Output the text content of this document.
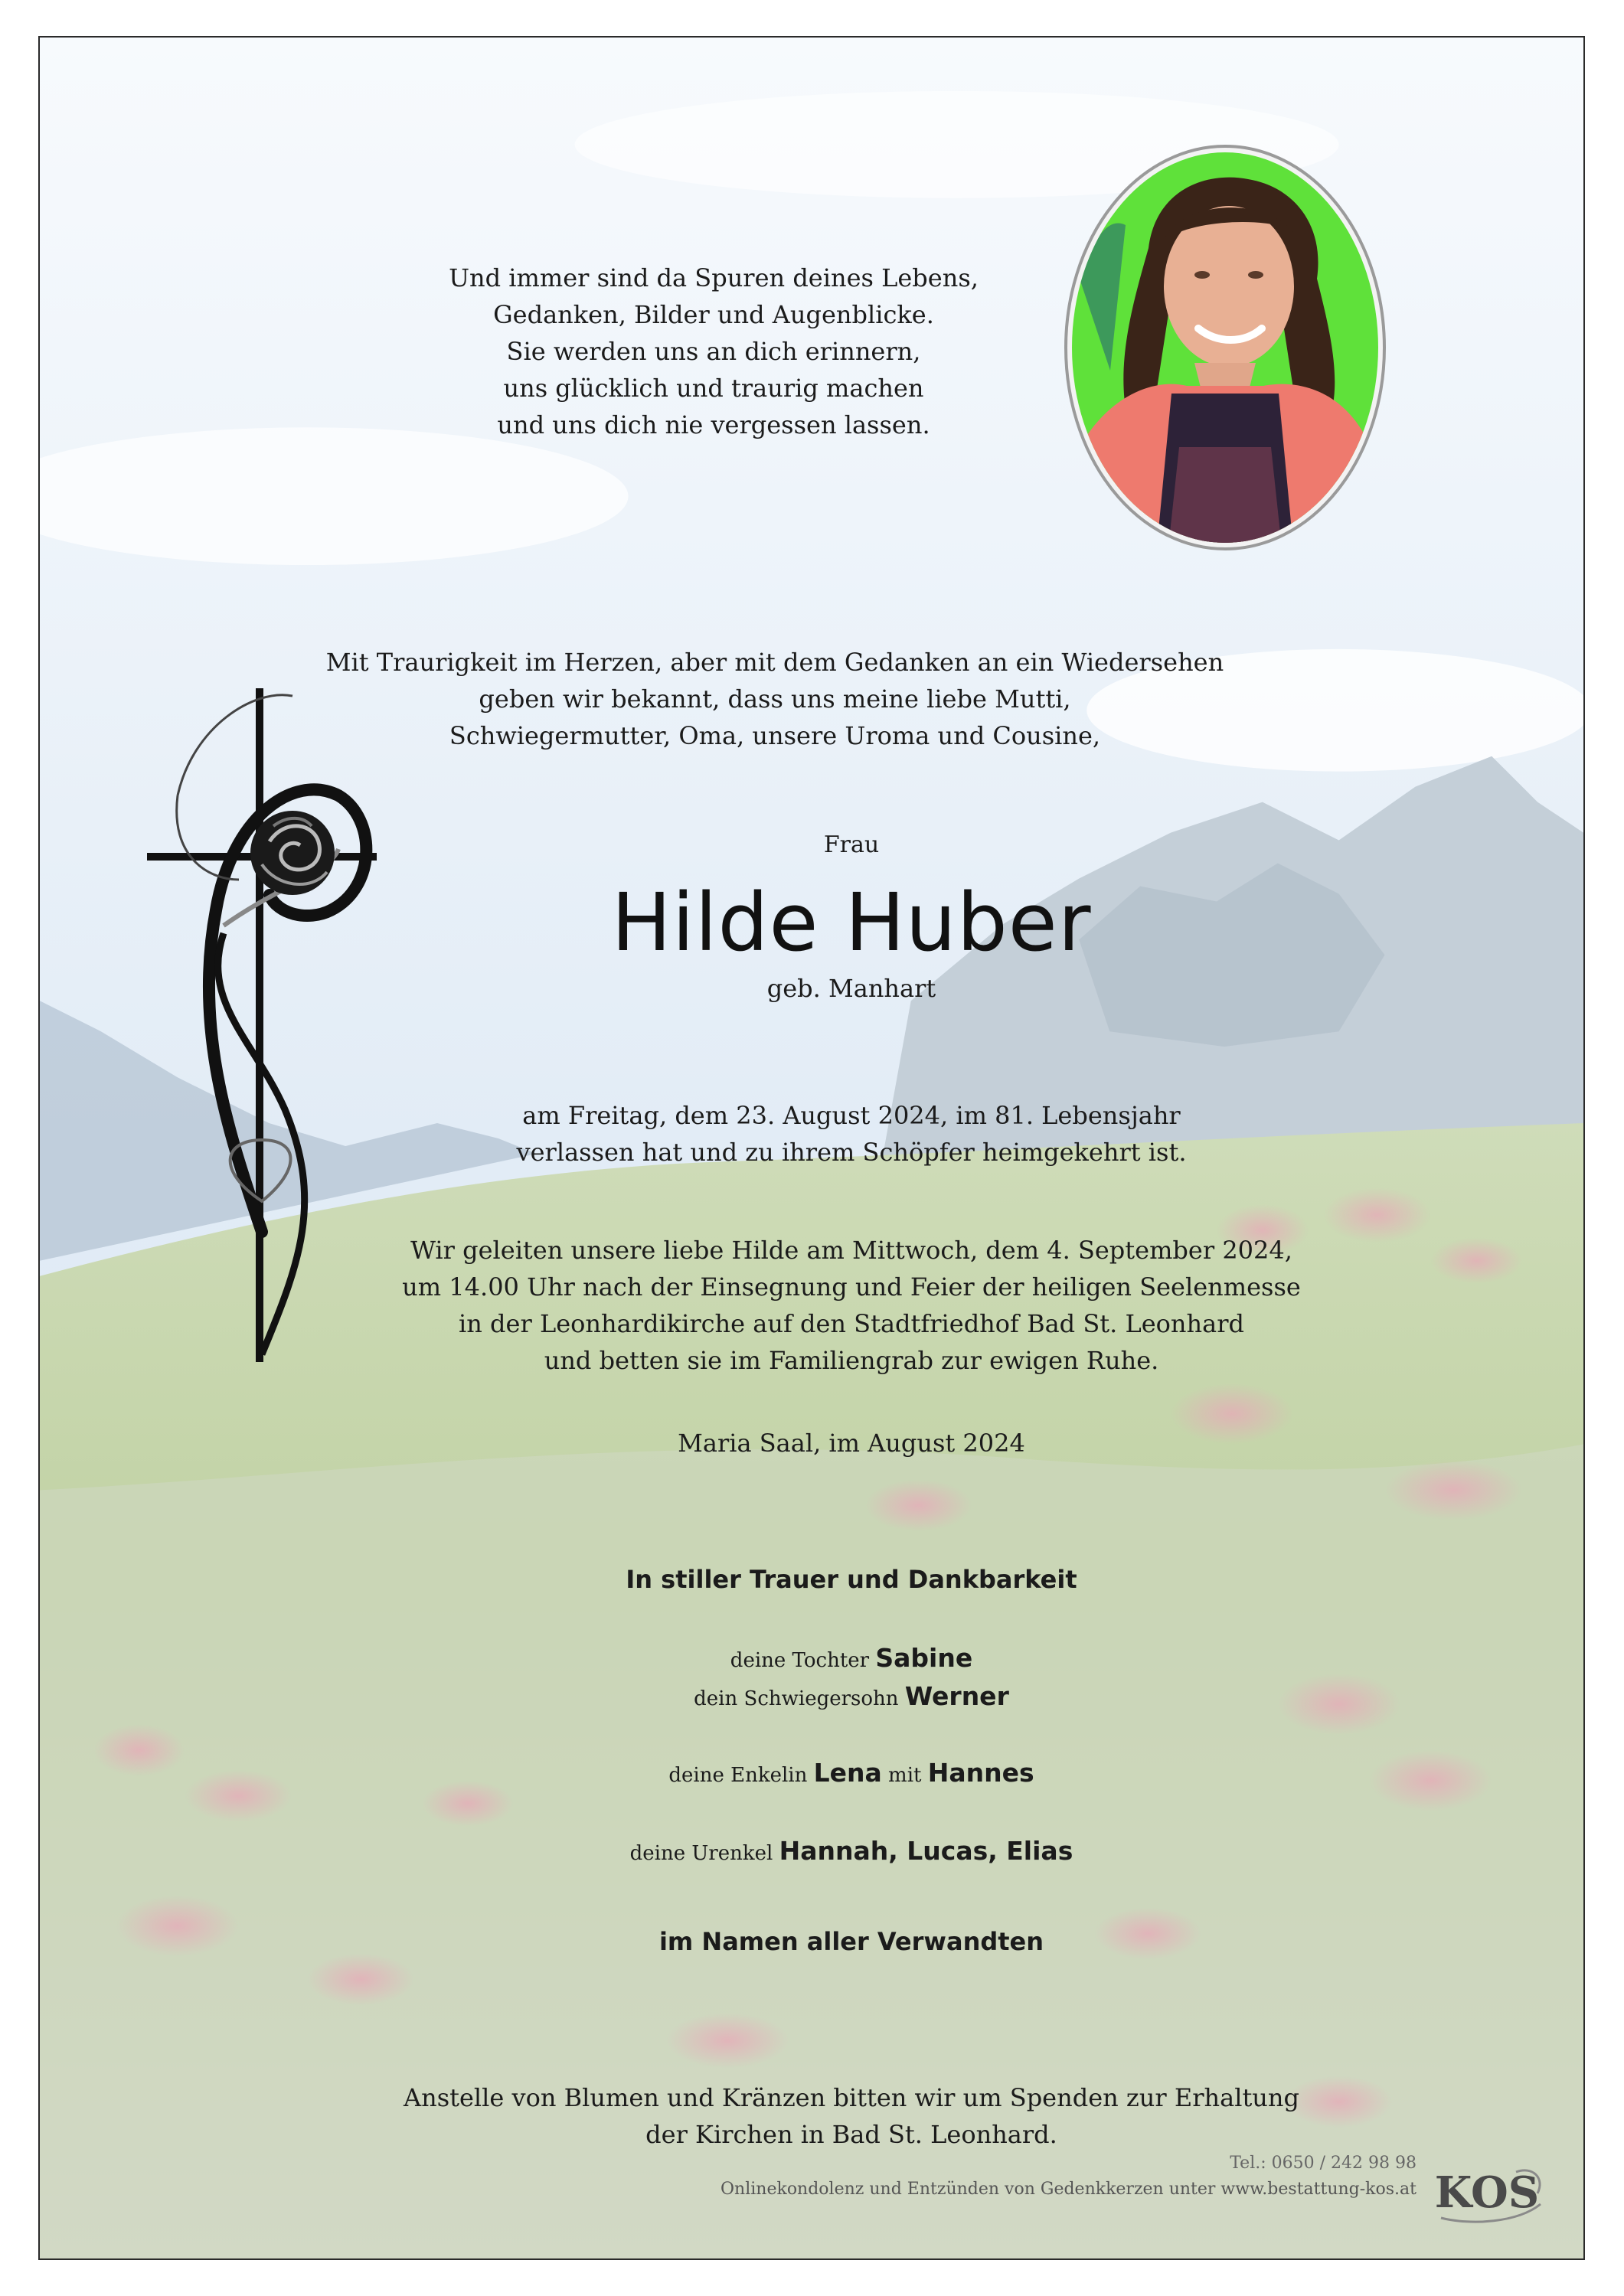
Und immer sind da Spuren deines Lebens,
Gedanken, Bilder und Augenblicke.
Sie werden uns an dich erinnern,
uns glücklich und traurig machen
und uns dich nie vergessen lassen.
Mit Traurigkeit im Herzen, aber mit dem Gedanken an ein Wiedersehen
geben wir bekannt, dass uns meine liebe Mutti,
Schwiegermutter, Oma, unsere Uroma und Cousine,
Frau
Hilde Huber
geb. Manhart
am Freitag, dem 23. August 2024, im 81. Lebensjahr
verlassen hat und zu ihrem Schöpfer heimgekehrt ist.
Wir geleiten unsere liebe Hilde am Mittwoch, dem 4. September 2024,
um 14.00 Uhr nach der Einsegnung und Feier der heiligen Seelenmesse
in der Leonhardikirche auf den Stadtfriedhof Bad St. Leonhard
und betten sie im Familiengrab zur ewigen Ruhe.
Maria Saal, im August 2024
In stiller Trauer und Dankbarkeit
deine Tochter Sabine
dein Schwiegersohn Werner
deine Enkelin Lena mit Hannes
deine Urenkel Hannah, Lucas, Elias
im Namen aller Verwandten
Anstelle von Blumen und Kränzen bitten wir um Spenden zur Erhaltung
der Kirchen in Bad St. Leonhard.
Tel.: 0650 / 242 98 98
Onlinekondolenz und Entzünden von Gedenkkerzen unter www.bestattung-kos.at KOS
